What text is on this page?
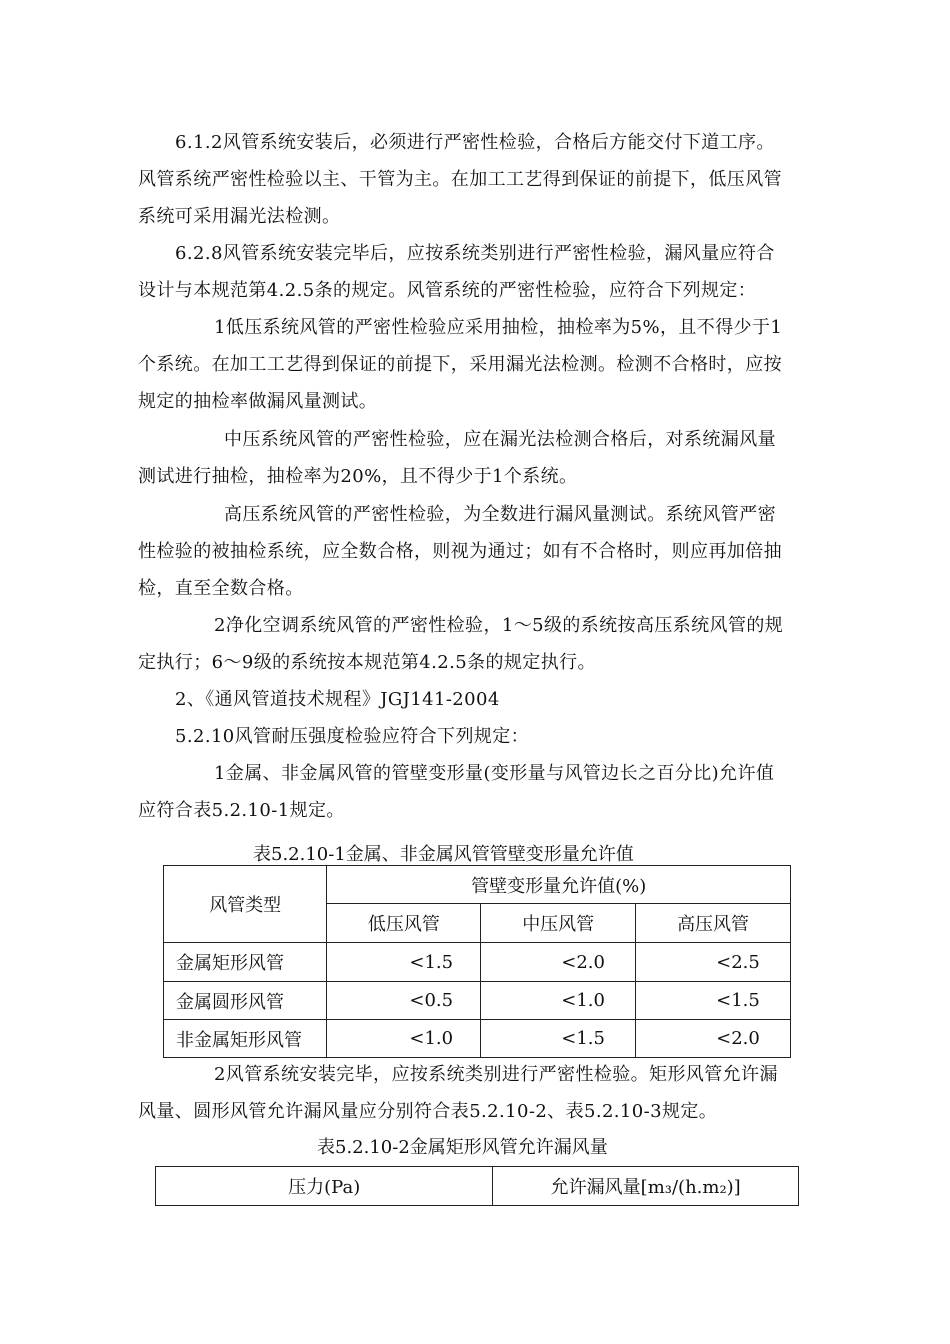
6.1.2风管系统安装后，必须进行严密性检验，合格后方能交付下道工序。
风管系统严密性检验以主、干管为主。在加工工艺得到保证的前提下，低压风管
系统可采用漏光法检测。
6.2.8风管系统安装完毕后，应按系统类别进行严密性检验，漏风量应符合
设计与本规范第4.2.5条的规定。风管系统的严密性检验，应符合下列规定：
1低压系统风管的严密性检验应采用抽检，抽检率为5%，且不得少于1
个系统。在加工工艺得到保证的前提下，采用漏光法检测。检测不合格时，应按
规定的抽检率做漏风量测试。
中压系统风管的严密性检验，应在漏光法检测合格后，对系统漏风量
测试进行抽检，抽检率为20%，且不得少于1个系统。
高压系统风管的严密性检验，为全数进行漏风量测试。系统风管严密
性检验的被抽检系统，应全数合格，则视为通过；如有不合格时，则应再加倍抽
检，直至全数合格。
2净化空调系统风管的严密性检验，1～5级的系统按高压系统风管的规
定执行；6～9级的系统按本规范第4.2.5条的规定执行。
2、《通风管道技术规程》JGJ141-2004
5.2.10风管耐压强度检验应符合下列规定：
1金属、非金属风管的管壁变形量(变形量与风管边长之百分比)允许值
应符合表5.2.10-1规定。
表5.2.10-1金属、非金属风管管壁变形量允许值
风管类型	管壁变形量允许值(%)		
	低压风管	中压风管	高压风管
金属矩形风管	<1.5	<2.0	<2.5
金属圆形风管	<0.5	<1.0	<1.5
非金属矩形风管	<1.0	<1.5	<2.0
2风管系统安装完毕，应按系统类别进行严密性检验。矩形风管允许漏
风量、圆形风管允许漏风量应分别符合表5.2.10-2、表5.2.10-3规定。
表5.2.10-2金属矩形风管允许漏风量
压力(Pa)	允许漏风量[m₃/(h.m₂)]
